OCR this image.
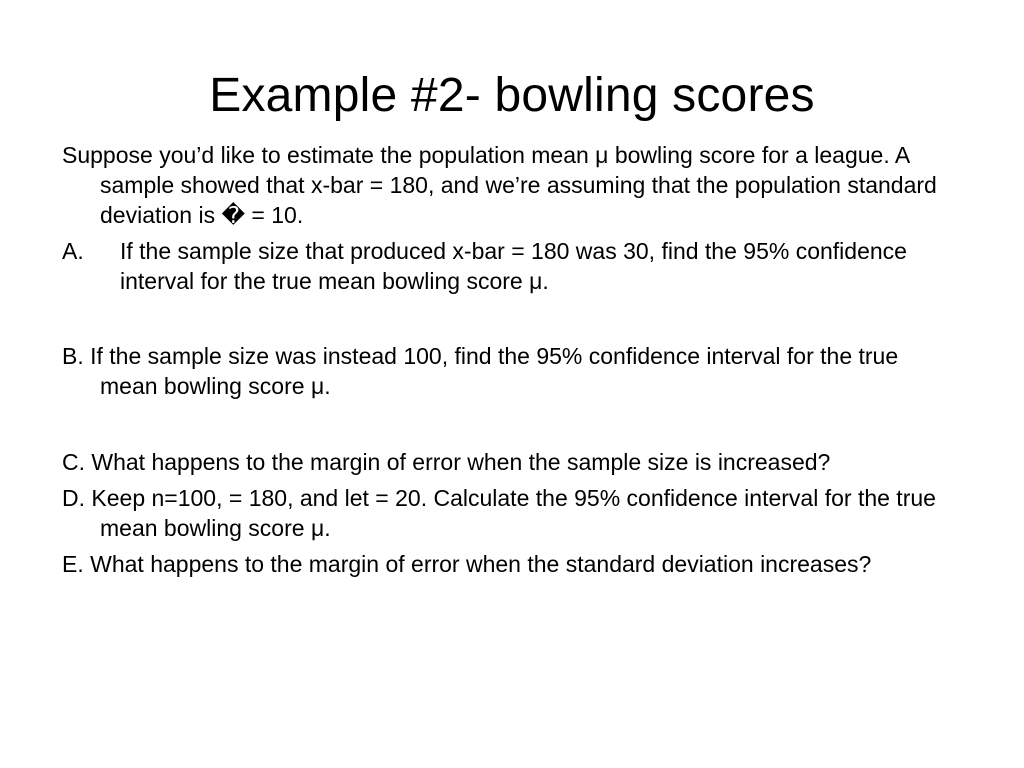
Example #2- bowling scores

Suppose you’d like to estimate the population mean μ bowling score for a league. A sample showed that x-bar = 180, and we’re assuming that the population standard deviation is � = 10.

A.	If the sample size that produced x-bar = 180 was 30, find the 95% confidence interval for the true mean bowling score μ.

B. If the sample size was instead 100, find the 95% confidence interval for the true mean bowling score μ.

C. What happens to the margin of error when the sample size is increased?

D. Keep n=100, = 180, and let = 20. Calculate the 95% confidence interval for the true mean bowling score μ.

E. What happens to the margin of error when the standard deviation increases?
